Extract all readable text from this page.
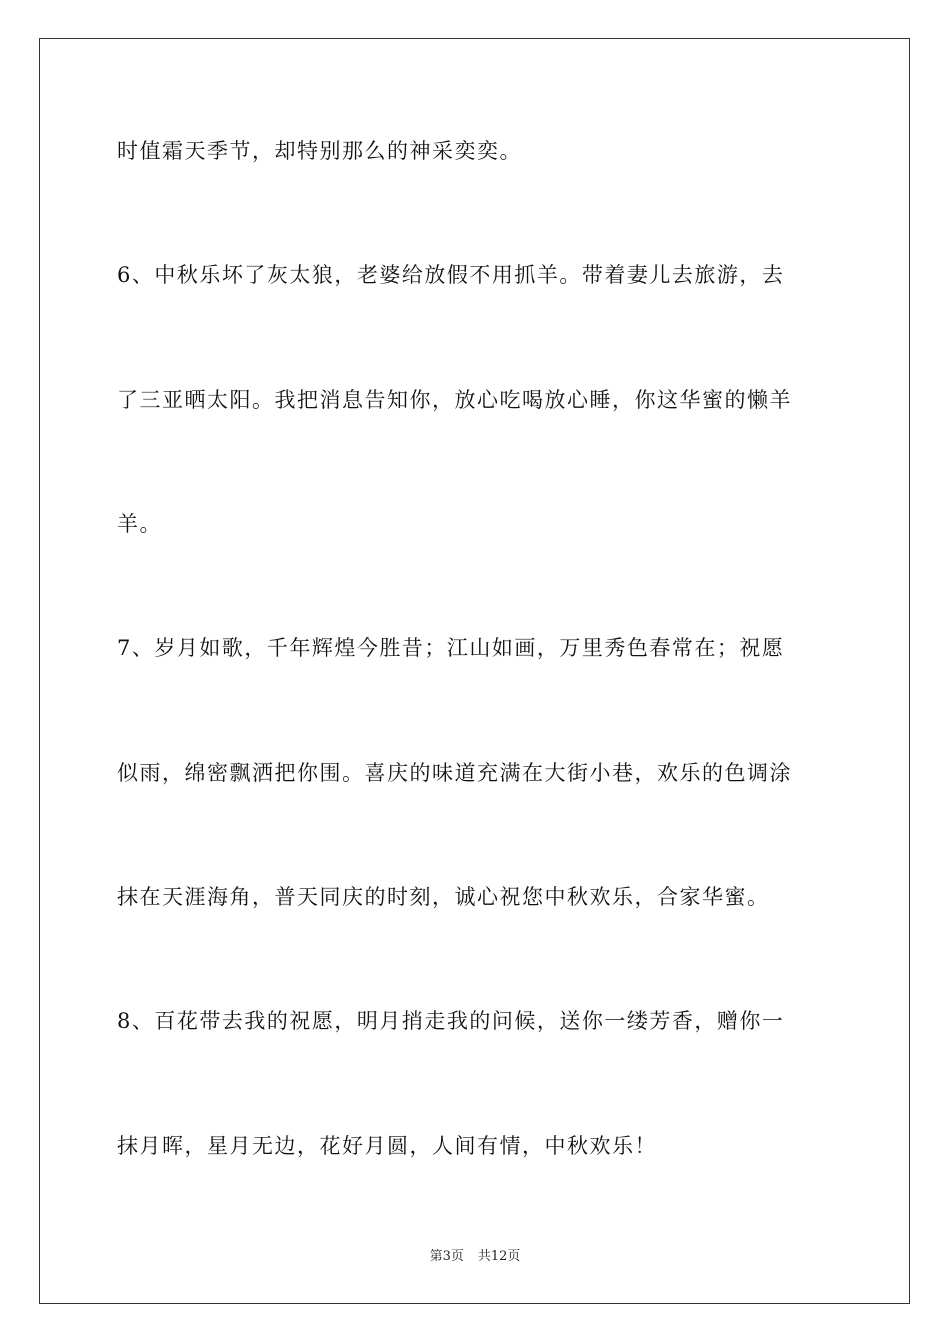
时值霜天季节，却特别那么的神采奕奕。
6、中秋乐坏了灰太狼，老婆给放假不用抓羊。带着妻儿去旅游，去
了三亚晒太阳。我把消息告知你，放心吃喝放心睡，你这华蜜的懒羊
羊。
7、岁月如歌，千年辉煌今胜昔；江山如画，万里秀色春常在；祝愿
似雨，绵密飘洒把你围。喜庆的味道充满在大街小巷，欢乐的色调涂
抹在天涯海角，普天同庆的时刻，诚心祝您中秋欢乐，合家华蜜。
8、百花带去我的祝愿，明月捎走我的问候，送你一缕芳香，赠你一
抹月晖，星月无边，花好月圆，人间有情，中秋欢乐！
第3页 共12页
